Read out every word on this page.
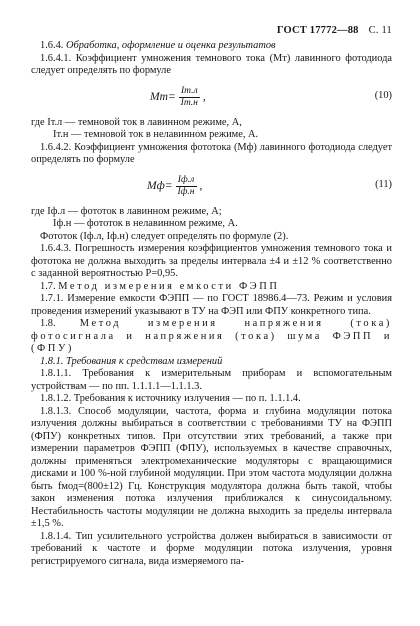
ГОСТ 17772—88 С. 11

1.6.4. Обработка, оформление и оценка результатов

1.6.4.1. Коэффициент умножения темнового тока (Mт) лавинного фотодиода следует определять по формуле

$Mт= \frac{Iт.л}{Iт.н}$ ,	(10)

где Iт.л — темновой ток в лавинном режиме, А,

Iт.н — темновой ток в нелавинном режиме, А.

1.6.4.2. Коэффициент умножения фототока (Mф) лавинного фотодиода следует определять по формуле

$Mф= \frac{Iф.л}{Iф.н}$ ,	(11)

где Iф.л — фототок в лавинном режиме, А;

Iф.н — фототок в нелавинном режиме, А.

Фототок (Iф.л, Iф.н) следует определять по формуле (2).

1.6.4.3. Погрешность измерения коэффициентов умножения темнового тока и фототока не должна выходить за пределы интервала ±4 и ±12 % соответственно с заданной вероятностью P=0,95.

1.7. Метод измерения емкости ФЭПП

1.7.1. Измерение емкости ФЭПП — по ГОСТ 18986.4—73. Режим и условия проведения измерений указывают в ТУ на ФЭП или ФПУ конкретного типа.

1.8. Метод измерения напряжения (тока) фотосигнала и напряжения (тока) шума ФЭПП и (ФПУ)

1.8.1. Требования к средствам измерений

1.8.1.1. Требования к измерительным приборам и вспомогательным устройствам — по пп. 1.1.1.1—1.1.1.3.

1.8.1.2. Требования к источнику излучения — по п. 1.1.1.4.

1.8.1.3. Способ модуляции, частота, форма и глубина модуляции потока излучения должны выбираться в соответствии с требованиями ТУ на ФЭПП (ФПУ) конкретных типов. При отсутствии этих требований, а также при измерении параметров ФЭПП (ФПУ), используемых в качестве справочных, должны применяться электромеханические модуляторы с вращающимися дисками и 100 %-ной глубиной модуляции. При этом частота модуляции должна быть fмод=(800±12) Гц. Конструкция модулятора должна быть такой, чтобы закон изменения потока излучения приближался к синусоидальному. Нестабильность частоты модуляции не должна выходить за пределы интервала ±1,5 %.

1.8.1.4. Тип усилительного устройства должен выбираться в зависимости от требований к частоте и форме модуляции потока излучения, уровня регистрируемого сигнала, вида измеряемого па-
